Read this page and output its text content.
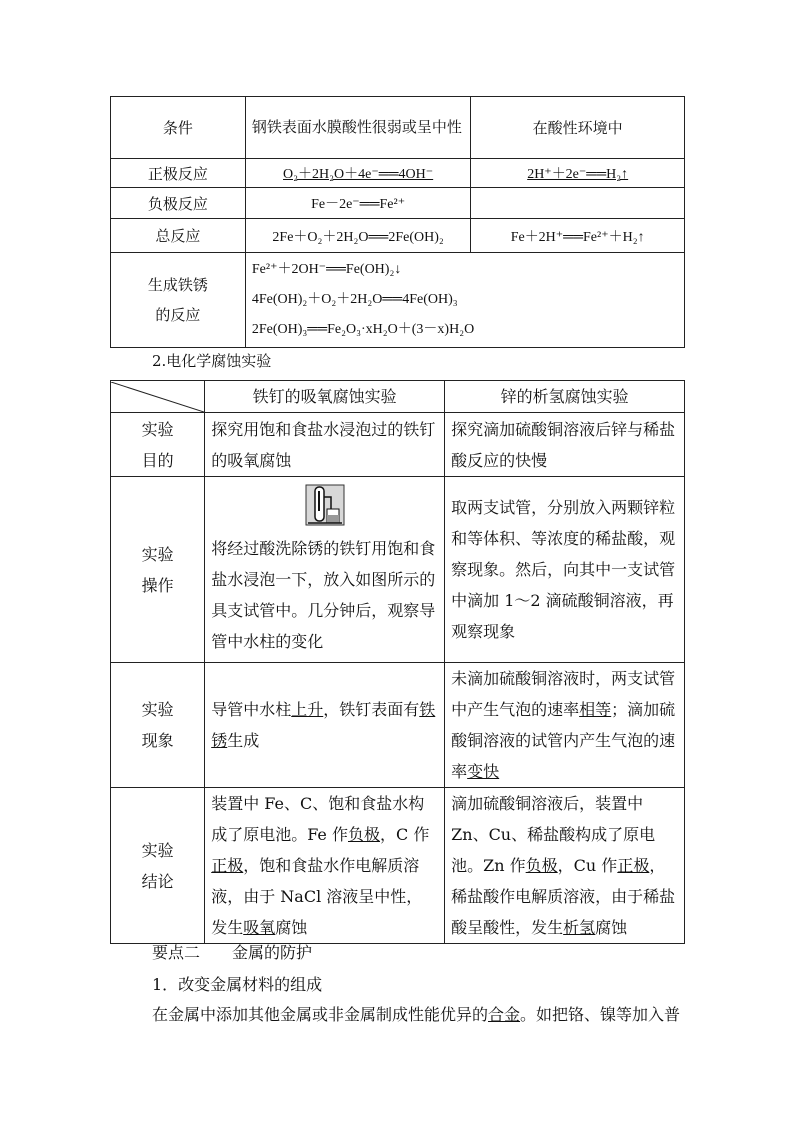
条件	钢铁表面水膜酸性很弱或呈中性	在酸性环境中
正极反应	O₂＋2H₂O＋4e⁻══4OH⁻	2H⁺＋2e⁻══H₂↑
负极反应	Fe－2e⁻══Fe²⁺	
总反应	2Fe＋O₂＋2H₂O══2Fe(OH)₂	Fe＋2H⁺══Fe²⁺＋H₂↑
生成铁锈的反应	Fe²⁺＋2OH⁻══Fe(OH)₂↓
4Fe(OH)₂＋O₂＋2H₂O══4Fe(OH)₃
2Fe(OH)₃══Fe₂O₃·xH₂O＋(3－x)H₂O	
2.电化学腐蚀实验
	铁钉的吸氧腐蚀实验	锌的析氢腐蚀实验
实验目的	探究用饱和食盐水浸泡过的铁钉的吸氧腐蚀	探究滴加硫酸铜溶液后锌与稀盐酸反应的快慢
实验操作	将经过酸洗除锈的铁钉用饱和食盐水浸泡一下，放入如图所示的具支试管中。几分钟后，观察导管中水柱的变化	取两支试管，分别放入两颗锌粒和等体积、等浓度的稀盐酸，观察现象。然后，向其中一支试管中滴加 1～2 滴硫酸铜溶液，再观察现象
实验现象	导管中水柱上升，铁钉表面有铁锈生成	未滴加硫酸铜溶液时，两支试管中产生气泡的速率相等；滴加硫酸铜溶液的试管内产生气泡的速率变快
实验结论	装置中 Fe、C、饱和食盐水构成了原电池。Fe 作负极，C 作正极，饱和食盐水作电解质溶液，由于 NaCl 溶液呈中性，发生吸氧腐蚀	滴加硫酸铜溶液后，装置中 Zn、Cu、稀盐酸构成了原电池。Zn 作负极，Cu 作正极，稀盐酸作电解质溶液，由于稀盐酸呈酸性，发生析氢腐蚀
要点二　　金属的防护
1．改变金属材料的组成
在金属中添加其他金属或非金属制成性能优异的合金。如把铬、镍等加入普
